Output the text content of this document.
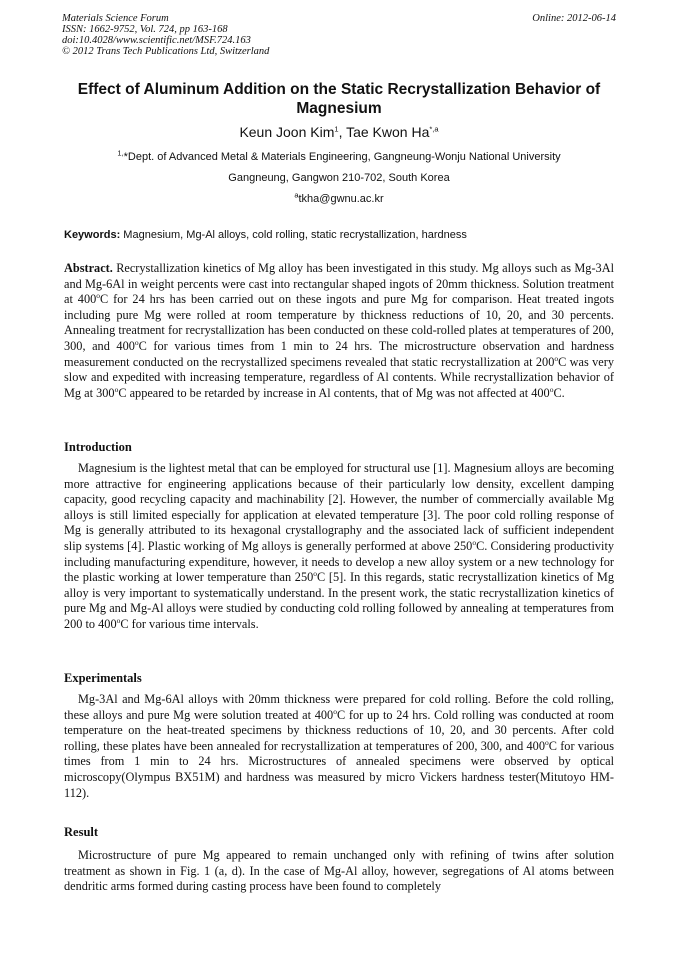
Materials Science Forum
ISSN: 1662-9752, Vol. 724, pp 163-168
doi:10.4028/www.scientific.net/MSF.724.163
© 2012 Trans Tech Publications Ltd, Switzerland
Online: 2012-06-14
Effect of Aluminum Addition on the Static Recrystallization Behavior of Magnesium
Keun Joon Kim$^1$, Tae Kwon $Ha^{*,a}$
$^{1,}$*Dept. of Advanced Metal & Materials Engineering, Gangneung-Wonju National University
Gangneung, Gangwon 210-702, South Korea
$^a$tkha@gwnu.ac.kr
Keywords: Magnesium, Mg-Al alloys, cold rolling, static recrystallization, hardness

Abstract. Recrystallization kinetics of Mg alloy has been investigated in this study. Mg alloys such as Mg-3Al and Mg-6Al in weight percents were cast into rectangular shaped ingots of 20mm thickness. Solution treatment at 400$^o$C for 24 hrs has been carried out on these ingots and pure Mg for comparison. Heat treated ingots including pure Mg were rolled at room temperature by thickness reductions of 10, 20, and 30 percents. Annealing treatment for recrystallization has been conducted on these cold-rolled plates at temperatures of 200, 300, and 400$^o$C for various times from 1 min to 24 hrs. The microstructure observation and hardness measurement conducted on the recrystallized specimens revealed that static recrystallization at 200$^o$C was very slow and expedited with increasing temperature, regardless of Al contents. While recrystallization behavior of Mg at 300$^o$C appeared to be retarded by increase in Al contents, that of Mg was not affected at 400$^o$C.

Introduction

Magnesium is the lightest metal that can be employed for structural use [1]. Magnesium alloys are becoming more attractive for engineering applications because of their particularly low density, excellent damping capacity, good recycling capacity and machinability [2]. However, the number of commercially available Mg alloys is still limited especially for application at elevated temperature [3]. The poor cold rolling response of Mg is generally attributed to its hexagonal crystallography and the associated lack of sufficient independent slip systems [4]. Plastic working of Mg alloys is generally performed at above 250$^o$C. Considering productivity including manufacturing expenditure, however, it needs to develop a new alloy system or a new technology for the plastic working at lower temperature than 250$^o$C [5]. In this regards, static recrystallization kinetics of Mg alloy is very important to systematically understand. In the present work, the static recrystallization kinetics of pure Mg and Mg-Al alloys were studied by conducting cold rolling followed by annealing at temperatures from 200 to 400$^o$C for various time intervals.

Experimentals

Mg-3Al and Mg-6Al alloys with 20mm thickness were prepared for cold rolling. Before the cold rolling, these alloys and pure Mg were solution treated at 400$^o$C for up to 24 hrs. Cold rolling was conducted at room temperature on the heat-treated specimens by thickness reductions of 10, 20, and 30 percents. After cold rolling, these plates have been annealed for recrystallization at temperatures of 200, 300, and 400$^o$C for various times from 1 min to 24 hrs. Microstructures of annealed specimens were observed by optical microscopy(Olympus BX51M) and hardness was measured by micro Vickers hardness tester(Mitutoyo HM-112).

Result

Microstructure of pure Mg appeared to remain unchanged only with refining of twins after solution treatment as shown in Fig. 1 (a, d). In the case of Mg-Al alloy, however, segregations of Al atoms between dendritic arms formed during casting process have been found to completely
